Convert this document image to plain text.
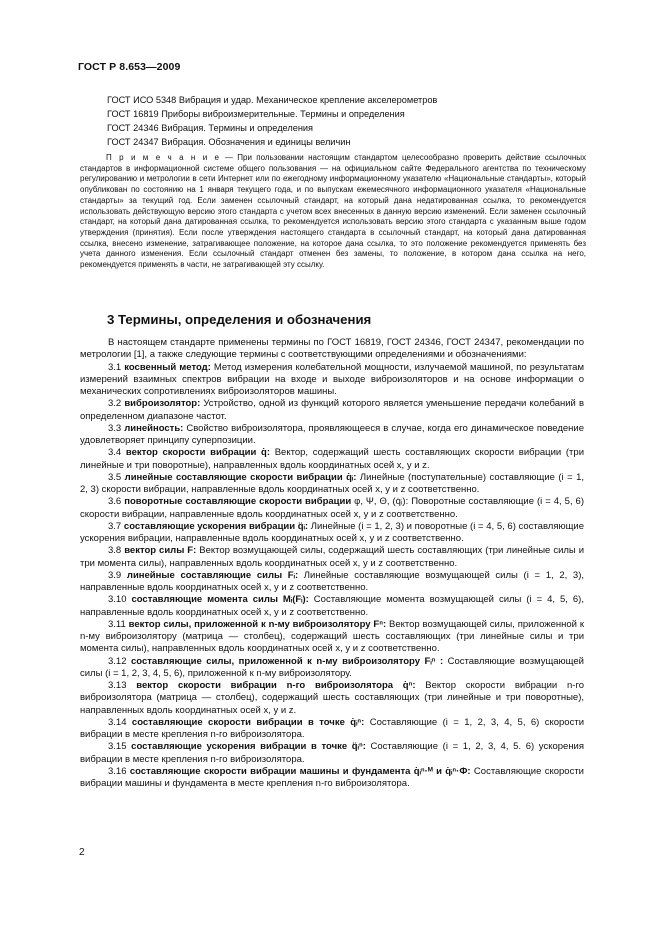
ГОСТ Р 8.653—2009
ГОСТ ИСО 5348 Вибрация и удар. Механическое крепление акселерометров
ГОСТ 16819 Приборы виброизмерительные. Термины и определения
ГОСТ 24346 Вибрация. Термины и определения
ГОСТ 24347 Вибрация. Обозначения и единицы величин
П р и м е ч а н и е — При пользовании настоящим стандартом целесообразно проверить действие ссылочных стандартов в информационной системе общего пользования — на официальном сайте Федерального агентства по техническому регулированию и метрологии в сети Интернет или по ежегодному информационному указателю «Национальные стандарты», который опубликован по состоянию на 1 января текущего года, и по выпускам ежемесячного информационного указателя «Национальные стандарты» за текущий год. Если заменен ссылочный стандарт, на который дана недатированная ссылка, то рекомендуется использовать действующую версию этого стандарта с учетом всех внесенных в данную версию изменений. Если заменен ссылочный стандарт, на который дана датированная ссылка, то рекомендуется использовать версию этого стандарта с указанным выше годом утверждения (принятия). Если после утверждения настоящего стандарта в ссылочный стандарт, на который дана датированная ссылка, внесено изменение, затрагивающее положение, на которое дана ссылка, то это положение рекомендуется применять без учета данного изменения. Если ссылочный стандарт отменен без замены, то положение, в котором дана ссылка на него, рекомендуется применять в части, не затрагивающей эту ссылку.
3 Термины, определения и обозначения
В настоящем стандарте применены термины по ГОСТ 16819, ГОСТ 24346, ГОСТ 24347, рекомендации по метрологии [1], а также следующие термины с соответствующими определениями и обозначениями:
3.1 косвенный метод: Метод измерения колебательной мощности, излучаемой машиной, по результатам измерений взаимных спектров вибрации на входе и выходе виброизоляторов и на основе информации о механических сопротивлениях виброизоляторов машины.
3.2 виброизолятор: Устройство, одной из функций которого является уменьшение передачи колебаний в определенном диапазоне частот.
3.3 линейность: Свойство виброизолятора, проявляющееся в случае, когда его динамическое поведение удовлетворяет принципу суперпозиции.
3.4 вектор скорости вибрации q̇: Вектор, содержащий шесть составляющих скорости вибрации (три линейные и три поворотные), направленных вдоль координатных осей x, y и z.
3.5 линейные составляющие скорости вибрации q̇ᵢ: Линейные (поступательные) составляющие (i = 1, 2, 3) скорости вибрации, направленные вдоль координатных осей x, y и z соответственно.
3.6 поворотные составляющие скорости вибрации φ, Ψ, Θ, (q̇ᵢ): Поворотные составляющие (i = 4, 5, 6) скорости вибрации, направленные вдоль координатных осей x, y и z соответственно.
3.7 составляющие ускорения вибрации q̈ᵢ: Линейные (i = 1, 2, 3) и поворотные (i = 4, 5, 6) составляющие ускорения вибрации, направленные вдоль координатных осей x, y и z соответственно.
3.8 вектор силы F: Вектор возмущающей силы, содержащий шесть составляющих (три линейные силы и три момента силы), направленных вдоль координатных осей x, y и z соответственно.
3.9 линейные составляющие силы Fᵢ: Линейные составляющие возмущающей силы (i = 1, 2, 3), направленные вдоль координатных осей x, y и z соответственно.
3.10 составляющие момента силы Mᵢ(Fᵢ): Составляющие момента возмущающей силы (i = 4, 5, 6), направленные вдоль координатных осей x, y и z соответственно.
3.11 вектор силы, приложенной к n-му виброизолятору Fⁿ: Вектор возмущающей силы, приложенной к n-му виброизолятору (матрица — столбец), содержащий шесть составляющих (три линейные силы и три момента силы), направленных вдоль координатных осей x, y и z соответственно.
3.12 составляющие силы, приложенной к n-му виброизолятору Fᵢⁿ : Составляющие возмущающей силы (i = 1, 2, 3, 4, 5, 6), приложенной к n-му виброизолятору.
3.13 вектор скорости вибрации n-го виброизолятора q̇ⁿ: Вектор скорости вибрации n-го виброизолятора (матрица — столбец), содержащий шесть составляющих (три линейные и три поворотные), направленных вдоль координатных осей x, y и z.
3.14 составляющие скорости вибрации в точке q̇ᵢⁿ: Составляющие (i = 1, 2, 3, 4, 5, 6) скорости вибрации в месте крепления n-го виброизолятора.
3.15 составляющие ускорения вибрации в точке q̈ᵢⁿ: Составляющие (i = 1, 2, 3, 4, 5. 6) ускорения вибрации в месте крепления n-го виброизолятора.
3.16 составляющие скорости вибрации машины и фундамента q̇ᵢⁿ·ᴹ и q̇ᵢⁿ·Ф: Составляющие скорости вибрации машины и фундамента в месте крепления n-го виброизолятора.
2
